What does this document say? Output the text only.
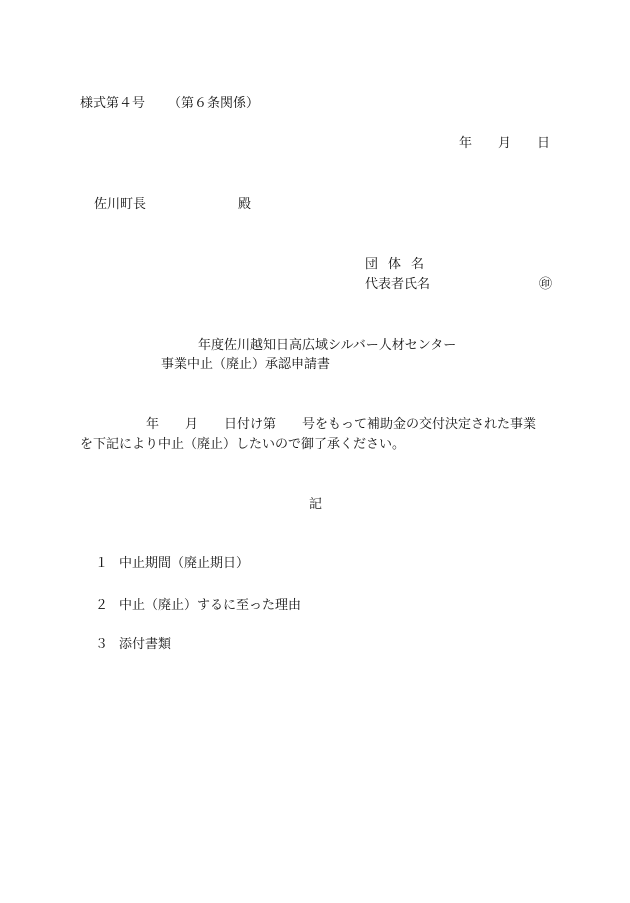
様式第４号 （第６条関係）
年 月 日
佐川町長	殿
団体名
代表者氏名	㊞
年度佐川越知日高広域シルバー人材センター
事業中止（廃止）承認申請書
年 月 日付け第 号をもって補助金の交付決定された事業
を下記により中止（廃止）したいので御了承ください。
記
１ 中止期間（廃止期日）
２ 中止（廃止）するに至った理由
３ 添付書類
